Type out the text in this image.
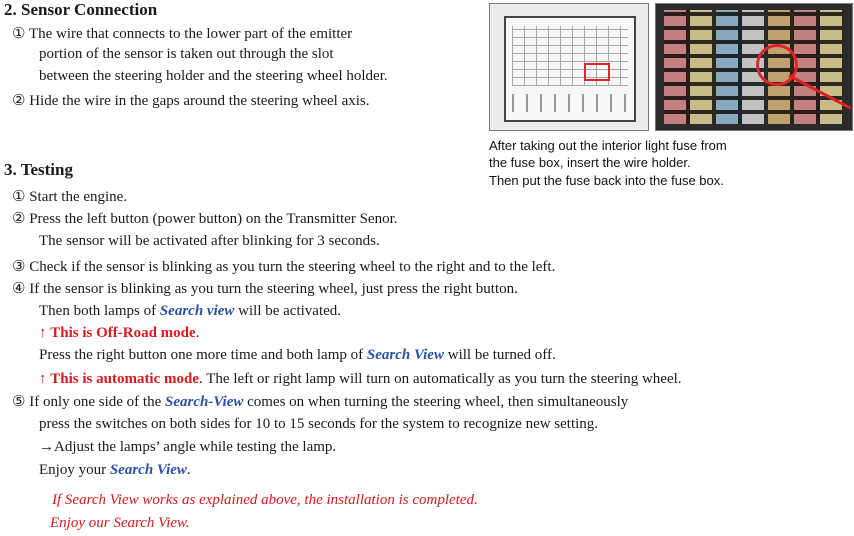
2. Sensor Connection
① The wire that connects to the lower part of the emitter
portion of the sensor is taken out through the slot
between the steering holder and the steering wheel holder.
② Hide the wire in the gaps around the steering wheel axis.
After taking out the interior light fuse from
the fuse box, insert the wire holder.
Then put the fuse back into the fuse box.
3. Testing
① Start the engine.
② Press the left button (power button) on the Transmitter Senor.
The sensor will be activated after blinking for 3 seconds.
③ Check if the sensor is blinking as you turn the steering wheel to the right and to the left.
④ If the sensor is blinking as you turn the steering wheel, just press the right button.
Then both lamps of Search view will be activated.
↑ This is Off-Road mode.
Press the right button one more time and both lamp of Search View will be turned off.
↑ This is automatic mode. The left or right lamp will turn on automatically as you turn the steering wheel.
⑤ If only one side of the Search-View comes on when turning the steering wheel, then simultaneously
press the switches on both sides for 10 to 15 seconds for the system to recognize new setting.
→Adjust the lamps’ angle while testing the lamp.
Enjoy your Search View.
If Search View works as explained above, the installation is completed.
Enjoy our Search View.
